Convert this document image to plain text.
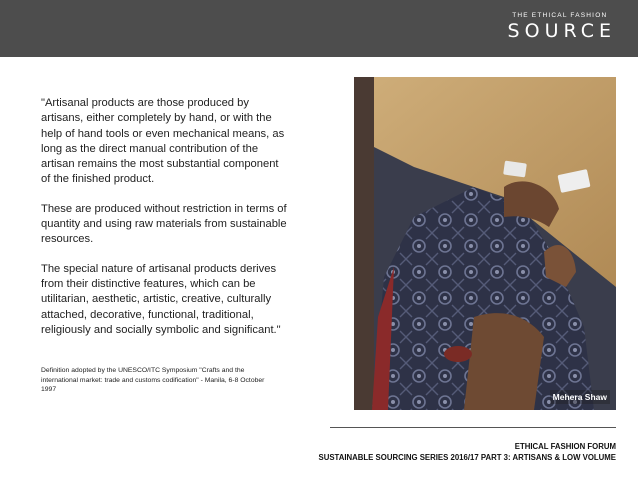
THE ETHICAL FASHION
SOURCE

"Artisanal products are those produced by artisans, either completely by hand, or with the help of hand tools or even mechanical means, as long as the direct manual contribution of the artisan remains the most substantial component of the finished product.

These are produced without restriction in terms of quantity and using raw materials from sustainable resources.

The special nature of artisanal products derives from their distinctive features, which can be utilitarian, aesthetic, artistic, creative, culturally attached, decorative, functional, traditional, religiously and socially symbolic and significant."

Definition adopted by the UNESCO/ITC Symposium "Crafts and the international market: trade and customs codification" - Manila, 6-8 October 1997
Mehera Shaw
ETHICAL FASHION FORUM
SUSTAINABLE SOURCING SERIES 2016/17 PART 3: ARTISANS & LOW VOLUME
